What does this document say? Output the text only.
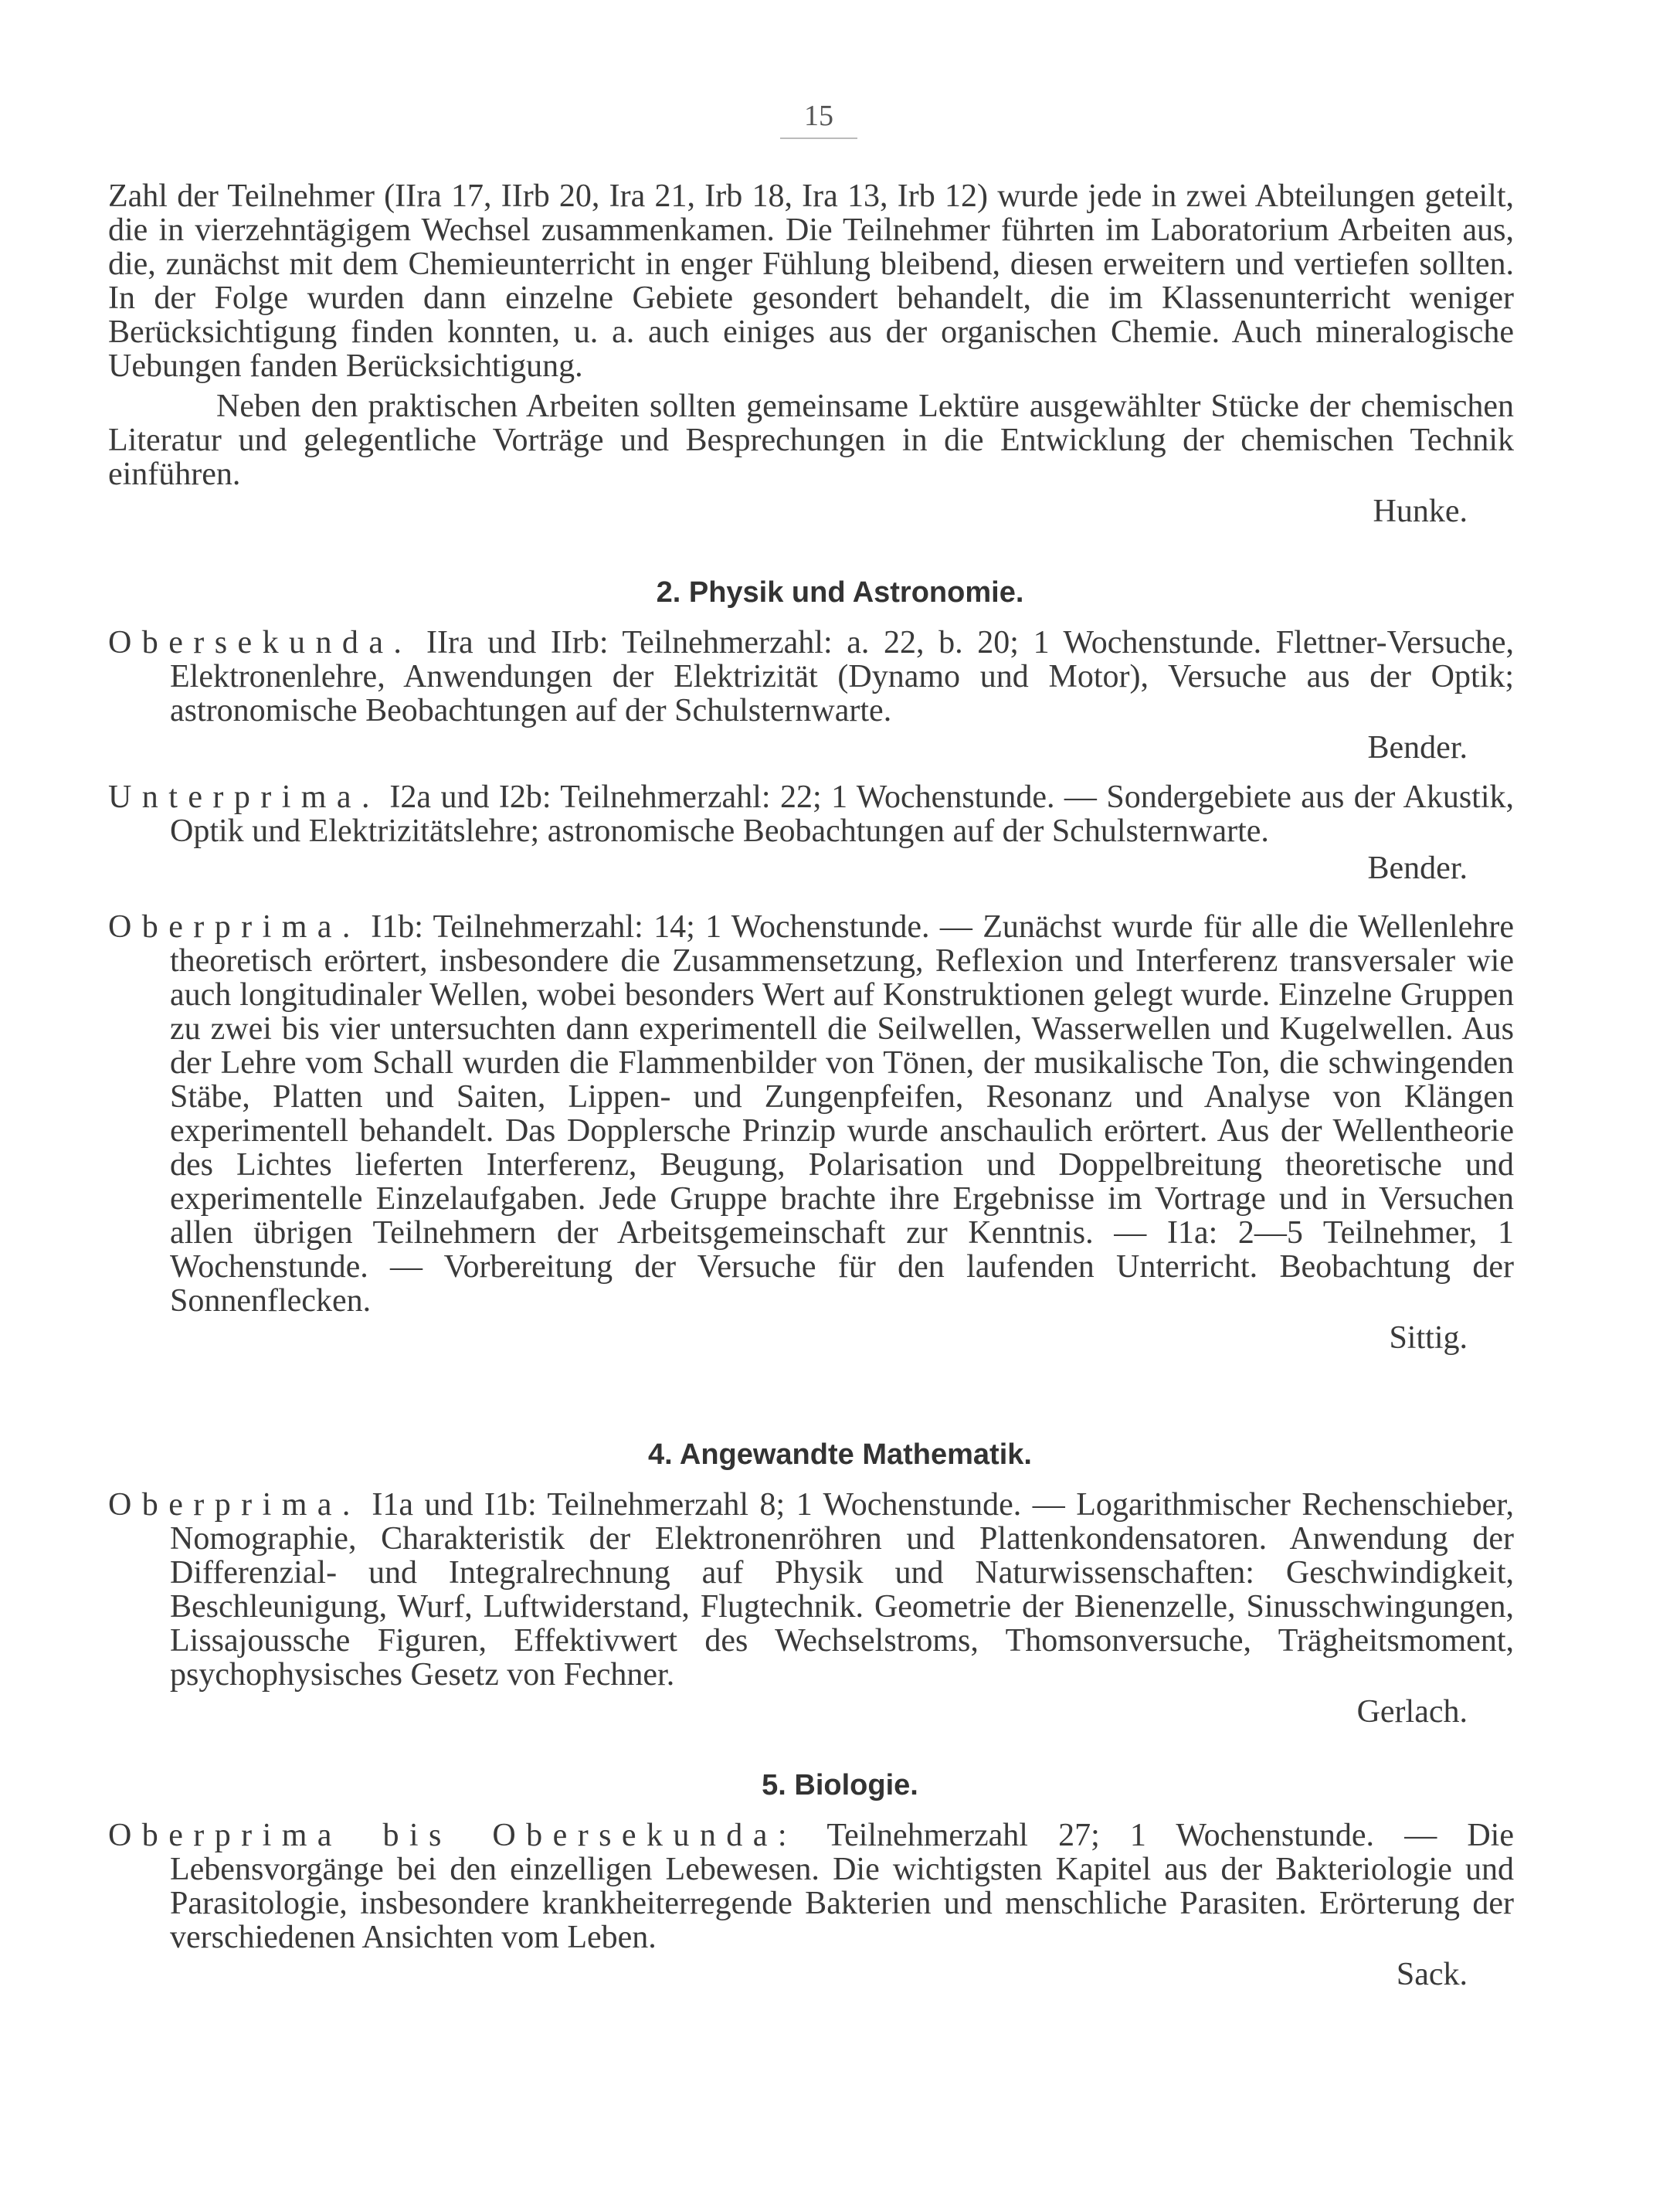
15
Zahl der Teilnehmer (IIra 17, IIrb 20, Ira 21, Irb 18, Ira 13, Irb 12) wurde jede in zwei Abteilungen geteilt, die in vierzehntägigem Wechsel zusammenkamen. Die Teilnehmer führten im Laboratorium Arbeiten aus, die, zunächst mit dem Chemieunterricht in enger Fühlung bleibend, diesen erweitern und vertiefen sollten. In der Folge wurden dann einzelne Gebiete gesondert behandelt, die im Klassenunterricht weniger Berücksichtigung finden konnten, u. a. auch einiges aus der organischen Chemie. Auch mineralogische Uebungen fanden Berücksichtigung.
Neben den praktischen Arbeiten sollten gemeinsame Lektüre ausgewählter Stücke der chemischen Literatur und gelegentliche Vorträge und Besprechungen in die Entwicklung der chemischen Technik einführen.
Hunke.
2. Physik und Astronomie.
Obersekunda. IIra und IIrb: Teilnehmerzahl: a. 22, b. 20; 1 Wochenstunde. Flettner-Versuche, Elektronenlehre, Anwendungen der Elektrizität (Dynamo und Motor), Versuche aus der Optik; astronomische Beobachtungen auf der Schulsternwarte.
Bender.
Unterprima. I2a und I2b: Teilnehmerzahl: 22; 1 Wochenstunde. — Sondergebiete aus der Akustik, Optik und Elektrizitätslehre; astronomische Beobachtungen auf der Schulsternwarte.
Bender.
Oberprima. I1b: Teilnehmerzahl: 14; 1 Wochenstunde. — Zunächst wurde für alle die Wellenlehre theoretisch erörtert, insbesondere die Zusammensetzung, Reflexion und Interferenz transversaler wie auch longitudinaler Wellen, wobei besonders Wert auf Konstruktionen gelegt wurde. Einzelne Gruppen zu zwei bis vier untersuchten dann experimentell die Seilwellen, Wasserwellen und Kugelwellen. Aus der Lehre vom Schall wurden die Flammenbilder von Tönen, der musikalische Ton, die schwingenden Stäbe, Platten und Saiten, Lippen- und Zungenpfeifen, Resonanz und Analyse von Klängen experimentell behandelt. Das Dopplersche Prinzip wurde anschaulich erörtert. Aus der Wellentheorie des Lichtes lieferten Interferenz, Beugung, Polarisation und Doppelbreitung theoretische und experimentelle Einzelaufgaben. Jede Gruppe brachte ihre Ergebnisse im Vortrage und in Versuchen allen übrigen Teilnehmern der Arbeitsgemeinschaft zur Kenntnis. — I1a: 2—5 Teilnehmer, 1 Wochenstunde. — Vorbereitung der Versuche für den laufenden Unterricht. Beobachtung der Sonnenflecken.
Sittig.
4. Angewandte Mathematik.
Oberprima. I1a und I1b: Teilnehmerzahl 8; 1 Wochenstunde. — Logarithmischer Rechenschieber, Nomographie, Charakteristik der Elektronenröhren und Plattenkondensatoren. Anwendung der Differenzial- und Integralrechnung auf Physik und Naturwissenschaften: Geschwindigkeit, Beschleunigung, Wurf, Luftwiderstand, Flugtechnik. Geometrie der Bienenzelle, Sinusschwingungen, Lissajoussche Figuren, Effektivwert des Wechselstroms, Thomsonversuche, Trägheitsmoment, psychophysisches Gesetz von Fechner.
Gerlach.
5. Biologie.
Oberprima bis Obersekunda: Teilnehmerzahl 27; 1 Wochenstunde. — Die Lebensvorgänge bei den einzelligen Lebewesen. Die wichtigsten Kapitel aus der Bakteriologie und Parasitologie, insbesondere krankheiterregende Bakterien und menschliche Parasiten. Erörterung der verschiedenen Ansichten vom Leben.
Sack.
